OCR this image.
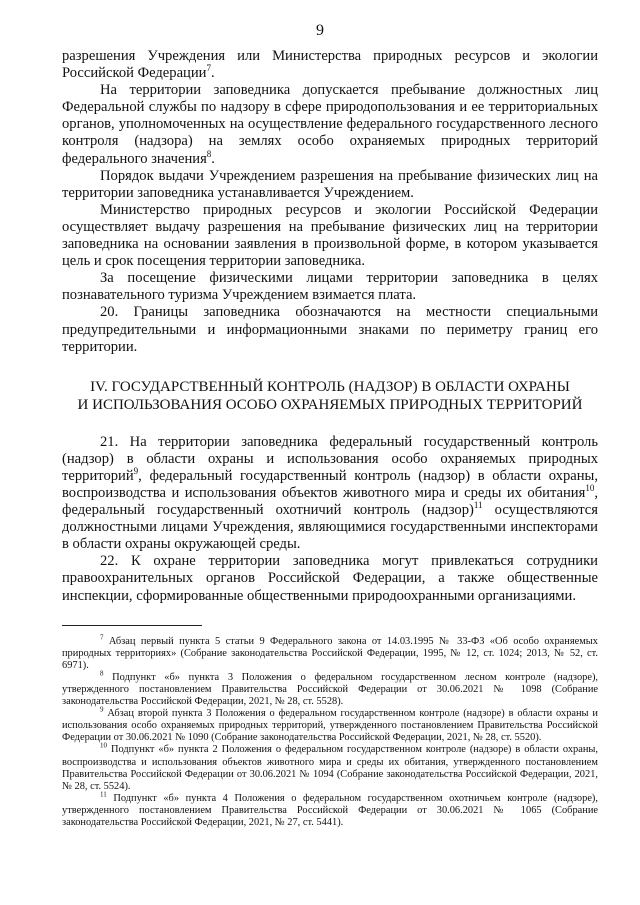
9

разрешения Учреждения или Министерства природных ресурсов и экологии Российской Федерации$^7$.

На территории заповедника допускается пребывание должностных лиц Федеральной службы по надзору в сфере природопользования и ее территориальных органов, уполномоченных на осуществление федерального государственного лесного контроля (надзора) на землях особо охраняемых природных территорий федерального значения$^8$.

Порядок выдачи Учреждением разрешения на пребывание физических лиц на территории заповедника устанавливается Учреждением.

Министерство природных ресурсов и экологии Российской Федерации осуществляет выдачу разрешения на пребывание физических лиц на территории заповедника на основании заявления в произвольной форме, в котором указывается цель и срок посещения территории заповедника.

За посещение физическими лицами территории заповедника в целях познавательного туризма Учреждением взимается плата.

20. Границы заповедника обозначаются на местности специальными предупредительными и информационными знаками по периметру границ его территории.

IV. ГОСУДАРСТВЕННЫЙ КОНТРОЛЬ (НАДЗОР) В ОБЛАСТИ ОХРАНЫ
И ИСПОЛЬЗОВАНИЯ ОСОБО ОХРАНЯЕМЫХ ПРИРОДНЫХ ТЕРРИТОРИЙ

21. На территории заповедника федеральный государственный контроль (надзор) в области охраны и использования особо охраняемых природных территорий$^9$, федеральный государственный контроль (надзор) в области охраны, воспроизводства и использования объектов животного мира и среды их обитания$^{10}$, федеральный государственный охотничий контроль (надзор)$^{11}$ осуществляются должностными лицами Учреждения, являющимися государственными инспекторами в области охраны окружающей среды.

22. К охране территории заповедника могут привлекаться сотрудники правоохранительных органов Российской Федерации, а также общественные инспекции, сформированные общественными природоохранными организациями.

$^7$ Абзац первый пункта 5 статьи 9 Федерального закона от 14.03.1995 № 33-ФЗ «Об особо охраняемых природных территориях» (Собрание законодательства Российской Федерации, 1995, № 12, ст. 1024; 2013, № 52, ст. 6971).

$^8$ Подпункт «б» пункта 3 Положения о федеральном государственном лесном контроле (надзоре), утвержденного постановлением Правительства Российской Федерации от 30.06.2021 № 1098 (Собрание законодательства Российской Федерации, 2021, № 28, ст. 5528).

$^9$ Абзац второй пункта 3 Положения о федеральном государственном контроле (надзоре) в области охраны и использования особо охраняемых природных территорий, утвержденного постановлением Правительства Российской Федерации от 30.06.2021 № 1090 (Собрание законодательства Российской Федерации, 2021, № 28, ст. 5520).

$^{10}$ Подпункт «б» пункта 2 Положения о федеральном государственном контроле (надзоре) в области охраны, воспроизводства и использования объектов животного мира и среды их обитания, утвержденного постановлением Правительства Российской Федерации от 30.06.2021 № 1094 (Собрание законодательства Российской Федерации, 2021, № 28, ст. 5524).

$^{11}$ Подпункт «б» пункта 4 Положения о федеральном государственном охотничьем контроле (надзоре), утвержденного постановлением Правительства Российской Федерации от 30.06.2021 № 1065 (Собрание законодательства Российской Федерации, 2021, № 27, ст. 5441).
